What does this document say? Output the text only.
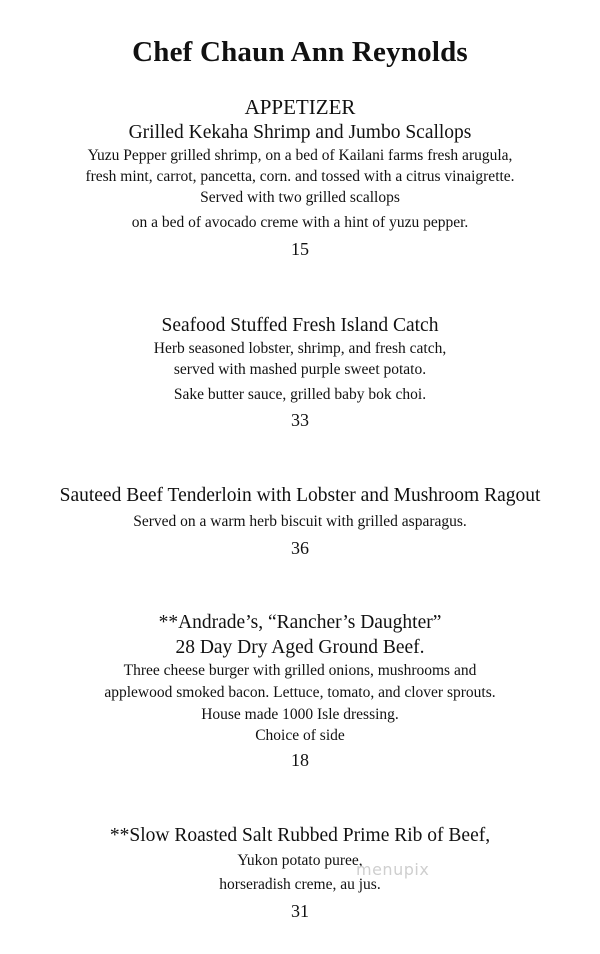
Chef Chaun Ann Reynolds
APPETIZER
Grilled Kekaha Shrimp and Jumbo Scallops
Yuzu Pepper grilled shrimp, on a bed of Kailani farms fresh arugula,
fresh mint, carrot, pancetta, corn. and tossed with a citrus vinaigrette.
Served with two grilled scallops
on a bed of avocado creme with a hint of yuzu pepper.
15
Seafood Stuffed Fresh Island Catch
Herb seasoned lobster, shrimp, and fresh catch,
served with mashed purple sweet potato.
Sake butter sauce, grilled baby bok choi.
33
Sauteed Beef Tenderloin with Lobster and Mushroom Ragout
Served on a warm herb biscuit with grilled asparagus.
36
**Andrade’s, “Rancher’s Daughter”
28 Day Dry Aged Ground Beef.
Three cheese burger with grilled onions, mushrooms and
applewood smoked bacon. Lettuce, tomato, and clover sprouts.
House made 1000 Isle dressing.
Choice of side
18
**Slow Roasted Salt Rubbed Prime Rib of Beef,
Yukon potato puree,
horseradish creme, au jus.
31
menupix
